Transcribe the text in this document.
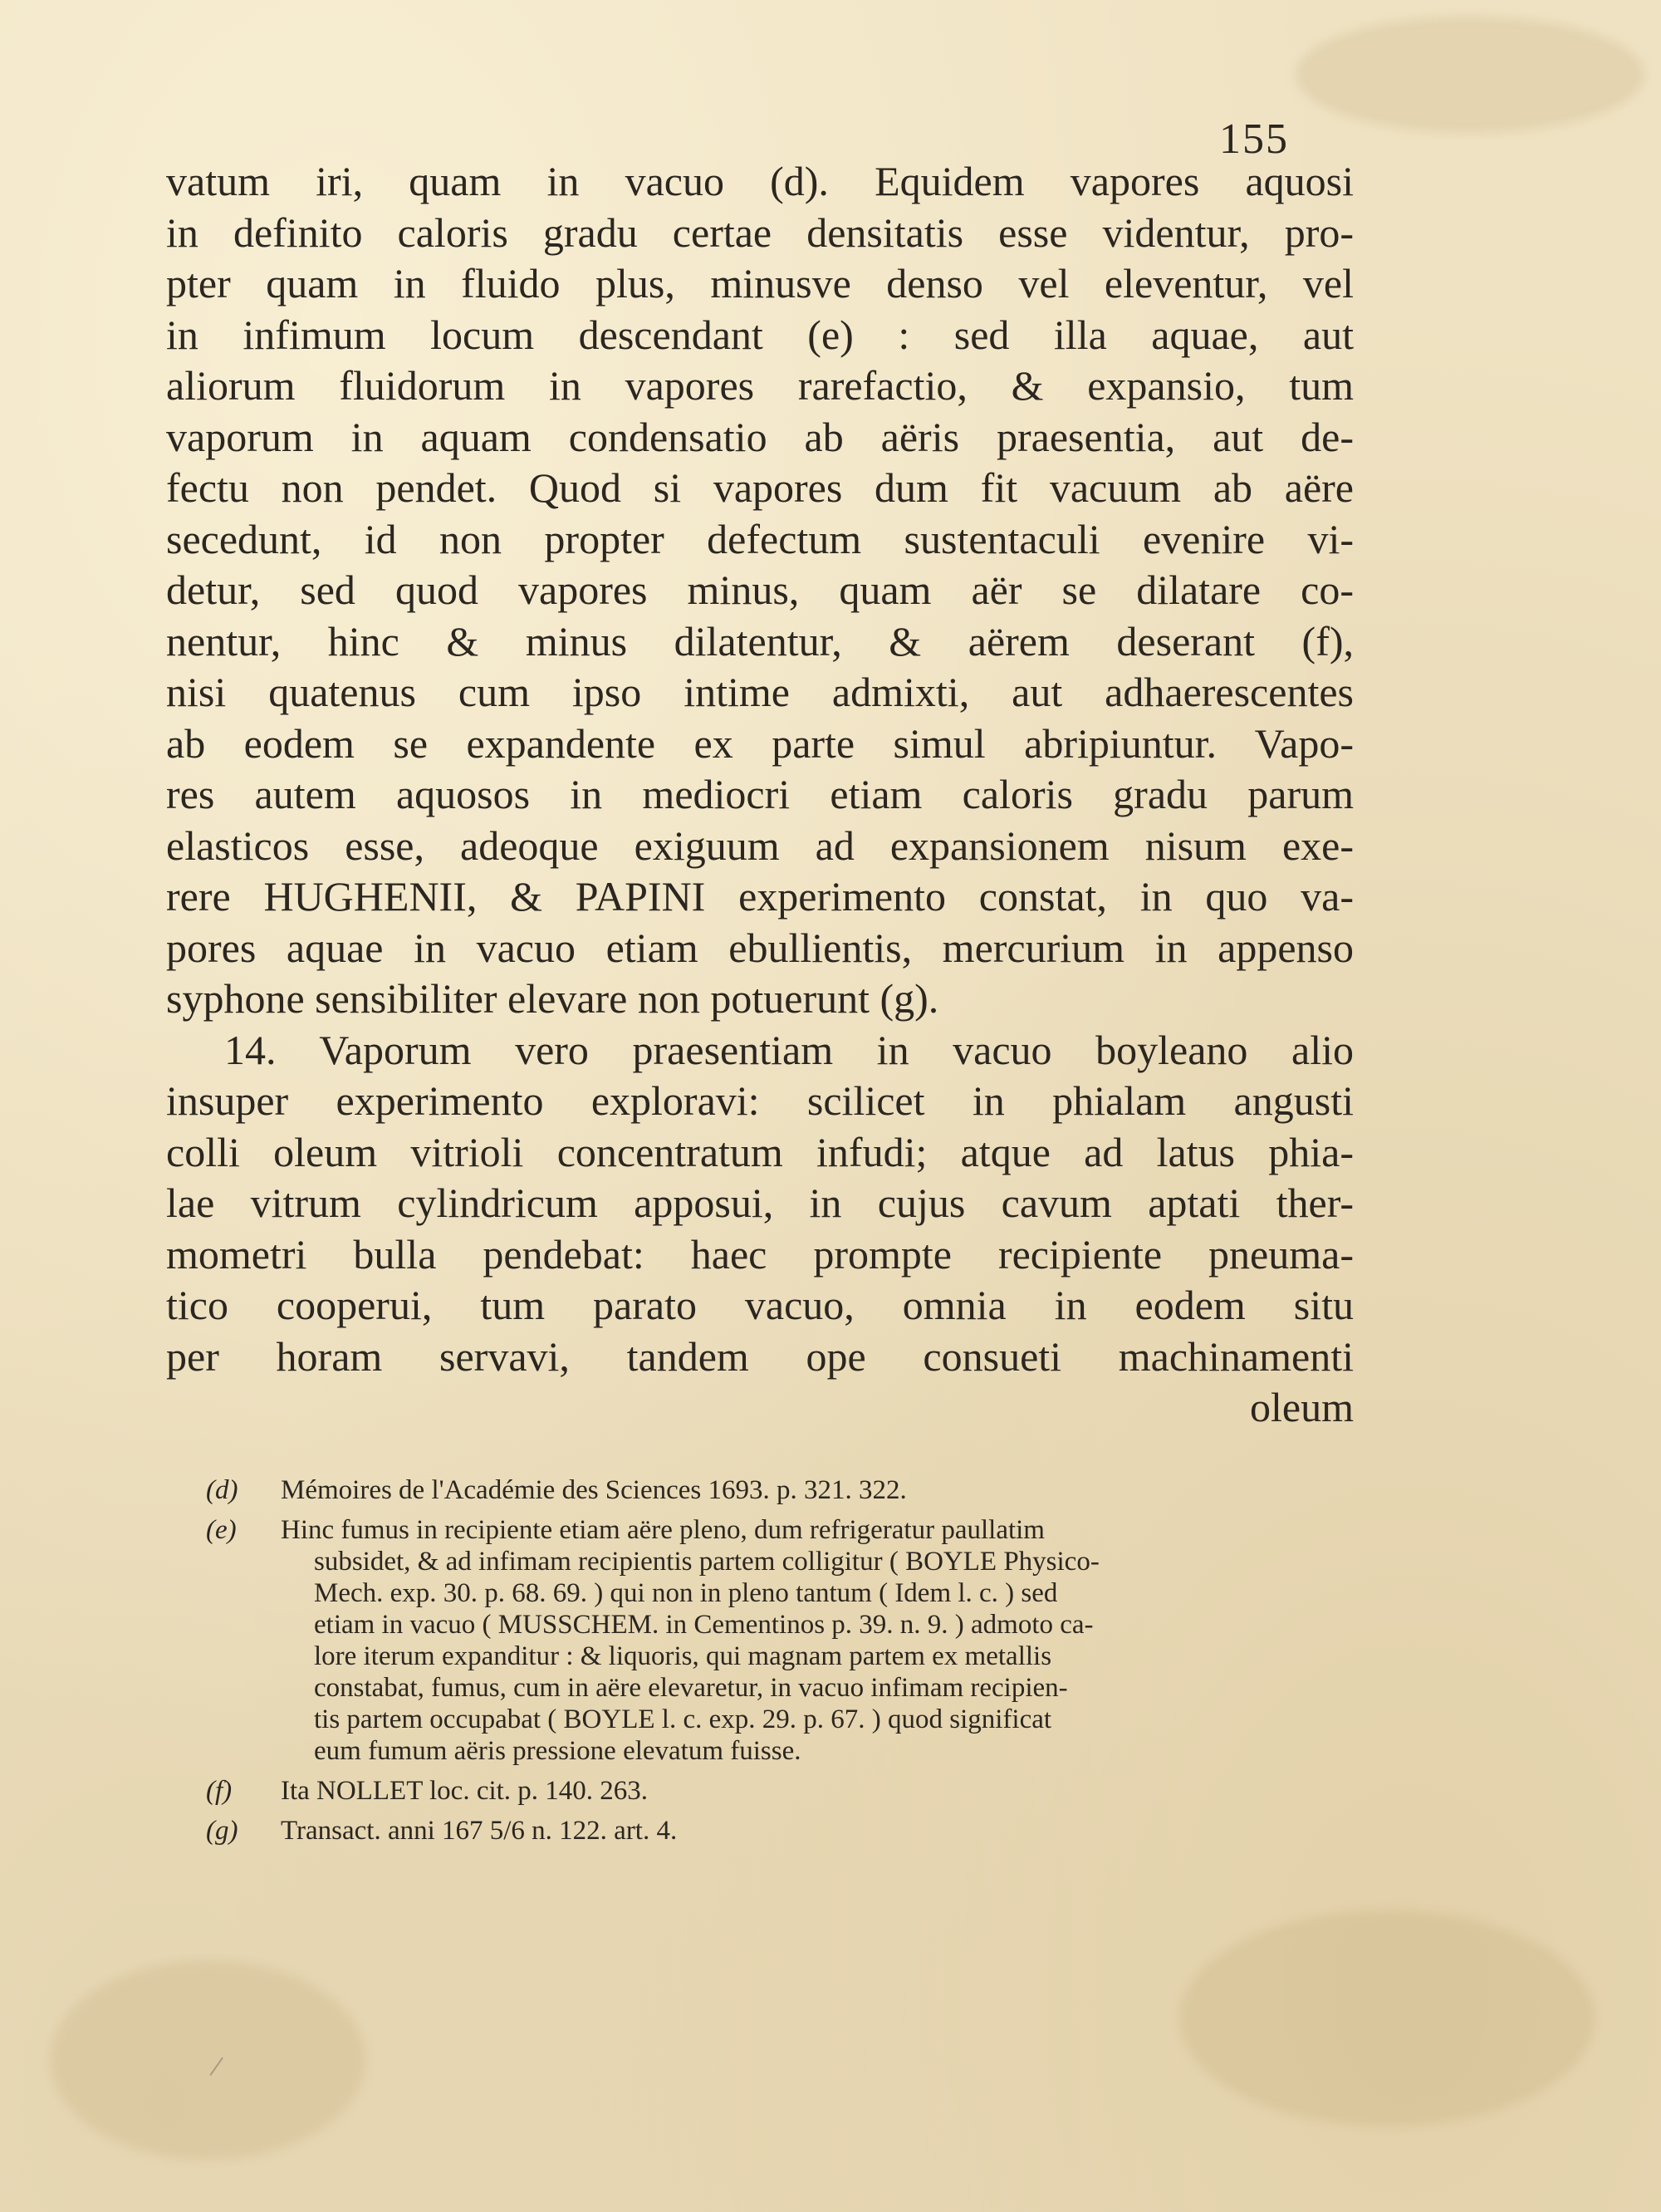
155
vatum iri, quam in vacuo (d). Equidem vapores aquosi
in definito caloris gradu certae densitatis esse videntur, pro-
pter quam in fluido plus, minusve denso vel eleventur, vel
in infimum locum descendant (e) : sed illa aquae, aut
aliorum fluidorum in vapores rarefactio, & expansio, tum
vaporum in aquam condensatio ab aëris praesentia, aut de-
fectu non pendet. Quod si vapores dum fit vacuum ab aëre
secedunt, id non propter defectum sustentaculi evenire vi-
detur, sed quod vapores minus, quam aër se dilatare co-
nentur, hinc & minus dilatentur, & aërem deserant (f),
nisi quatenus cum ipso intime admixti, aut adhaerescentes
ab eodem se expandente ex parte simul abripiuntur. Vapo-
res autem aquosos in mediocri etiam caloris gradu parum
elasticos esse, adeoque exiguum ad expansionem nisum exe-
rere HUGHENII, & PAPINI experimento constat, in quo va-
pores aquae in vacuo etiam ebullientis, mercurium in appenso
syphone sensibiliter elevare non potuerunt (g).
14. Vaporum vero praesentiam in vacuo boyleano alio
insuper experimento exploravi: scilicet in phialam angusti
colli oleum vitrioli concentratum infudi; atque ad latus phia-
lae vitrum cylindricum apposui, in cujus cavum aptati ther-
mometri bulla pendebat: haec prompte recipiente pneuma-
tico cooperui, tum parato vacuo, omnia in eodem situ
per horam servavi, tandem ope consueti machinamenti
oleum
(d) Mémoires de l'Académie des Sciences 1693. p. 321. 322.
(e) Hinc fumus in recipiente etiam aëre pleno, dum refrigeratur paullatim
subsidet, & ad infimam recipientis partem colligitur ( BOYLE Physico-
Mech. exp. 30. p. 68. 69. ) qui non in pleno tantum ( Idem l. c. ) sed
etiam in vacuo ( MUSSCHEM. in Cementinos p. 39. n. 9. ) admoto ca-
lore iterum expanditur : & liquoris, qui magnam partem ex metallis
constabat, fumus, cum in aëre elevaretur, in vacuo infimam recipien-
tis partem occupabat ( BOYLE l. c. exp. 29. p. 67. ) quod significat
eum fumum aëris pressione elevatum fuisse.
(f) Ita NOLLET loc. cit. p. 140. 263.
(g) Transact. anni 167 5/6 n. 122. art. 4.
